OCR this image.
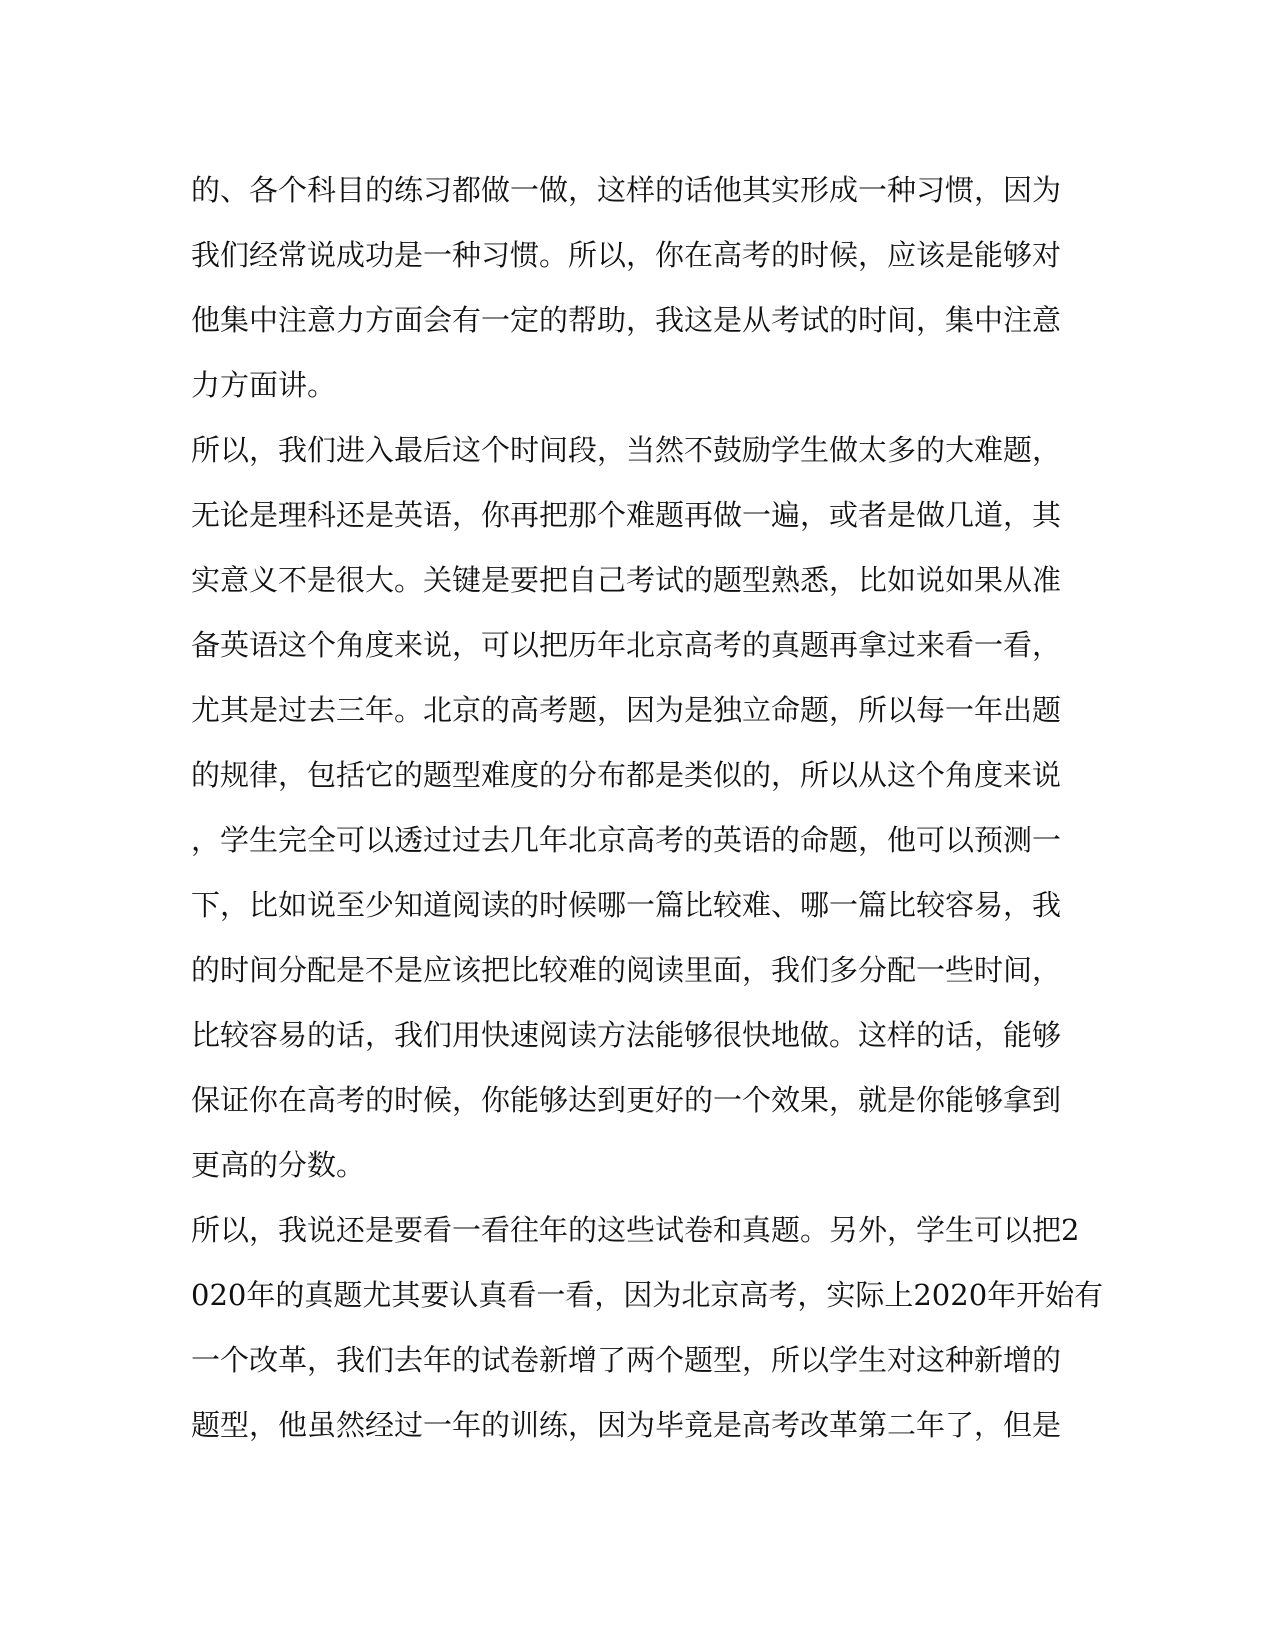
的、各个科目的练习都做一做，这样的话他其实形成一种习惯，因为
我们经常说成功是一种习惯。所以，你在高考的时候，应该是能够对
他集中注意力方面会有一定的帮助，我这是从考试的时间，集中注意
力方面讲。
所以，我们进入最后这个时间段，当然不鼓励学生做太多的大难题，
无论是理科还是英语，你再把那个难题再做一遍，或者是做几道，其
实意义不是很大。关键是要把自己考试的题型熟悉，比如说如果从准
备英语这个角度来说，可以把历年北京高考的真题再拿过来看一看，
尤其是过去三年。北京的高考题，因为是独立命题，所以每一年出题
的规律，包括它的题型难度的分布都是类似的，所以从这个角度来说
，学生完全可以透过过去几年北京高考的英语的命题，他可以预测一
下，比如说至少知道阅读的时候哪一篇比较难、哪一篇比较容易，我
的时间分配是不是应该把比较难的阅读里面，我们多分配一些时间，
比较容易的话，我们用快速阅读方法能够很快地做。这样的话，能够
保证你在高考的时候，你能够达到更好的一个效果，就是你能够拿到
更高的分数。
所以，我说还是要看一看往年的这些试卷和真题。另外，学生可以把2
020年的真题尤其要认真看一看，因为北京高考，实际上2020年开始有
一个改革，我们去年的试卷新增了两个题型，所以学生对这种新增的
题型，他虽然经过一年的训练，因为毕竟是高考改革第二年了，但是
